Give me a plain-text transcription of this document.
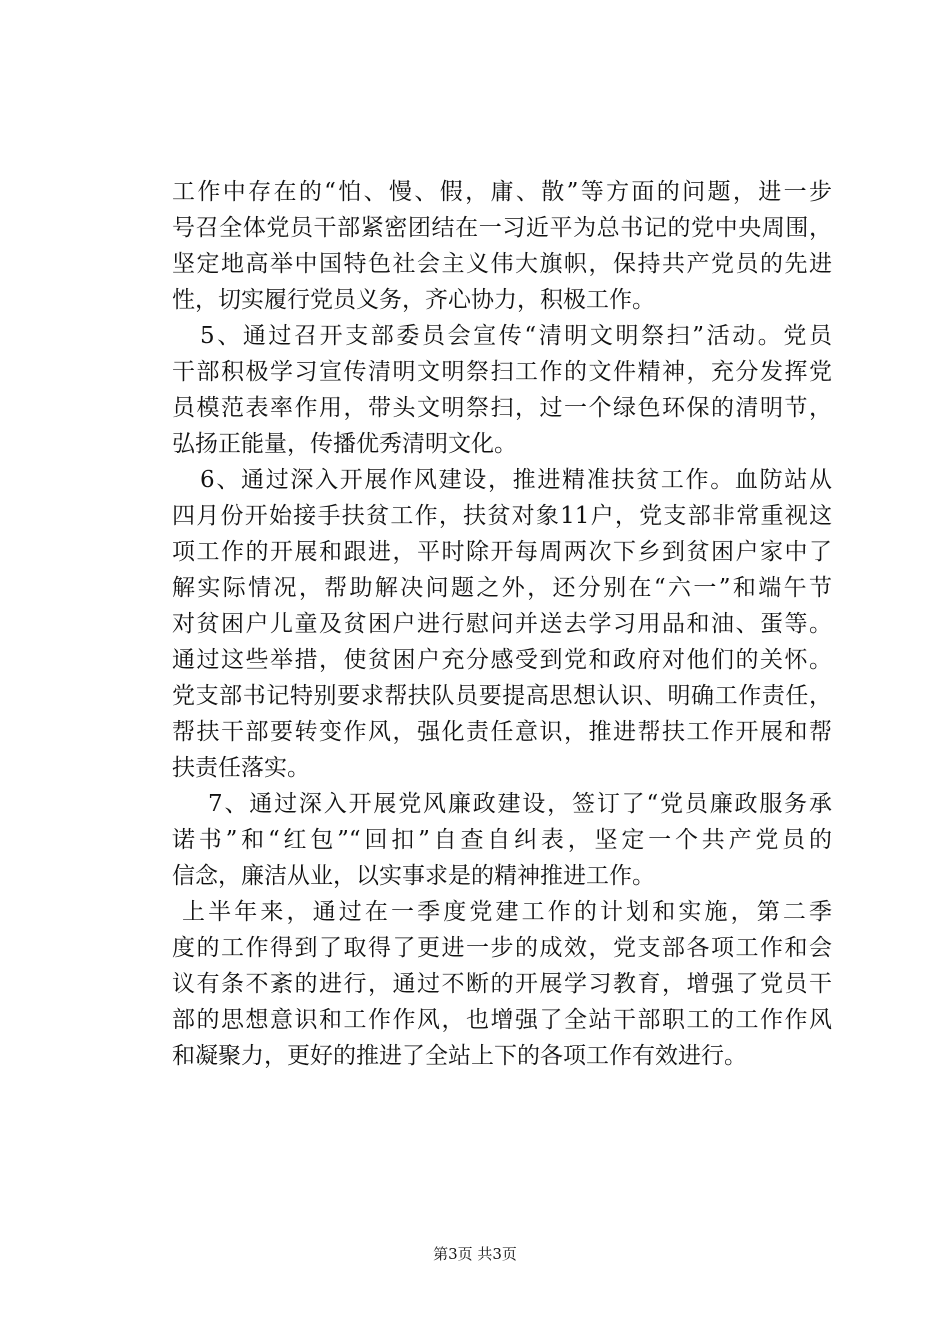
工作中存在的“怕、慢、假，庸、散”等方面的问题，进一步
号召全体党员干部紧密团结在一习近平为总书记的党中央周围，
坚定地高举中国特色社会主义伟大旗帜，保持共产党员的先进
性，切实履行党员义务，齐心协力，积极工作。
5、通过召开支部委员会宣传“清明文明祭扫”活动。党员
干部积极学习宣传清明文明祭扫工作的文件精神，充分发挥党
员模范表率作用，带头文明祭扫，过一个绿色环保的清明节，
弘扬正能量，传播优秀清明文化。
6、通过深入开展作风建设，推进精准扶贫工作。血防站从
四月份开始接手扶贫工作，扶贫对象11户，党支部非常重视这
项工作的开展和跟进，平时除开每周两次下乡到贫困户家中了
解实际情况，帮助解决问题之外，还分别在“六一”和端午节
对贫困户儿童及贫困户进行慰问并送去学习用品和油、蛋等。
通过这些举措，使贫困户充分感受到党和政府对他们的关怀。
党支部书记特别要求帮扶队员要提高思想认识、明确工作责任，
帮扶干部要转变作风，强化责任意识，推进帮扶工作开展和帮
扶责任落实。
7、通过深入开展党风廉政建设，签订了“党员廉政服务承
诺书”和“红包”“回扣”自查自纠表，坚定一个共产党员的
信念，廉洁从业，以实事求是的精神推进工作。
上半年来，通过在一季度党建工作的计划和实施，第二季
度的工作得到了取得了更进一步的成效，党支部各项工作和会
议有条不紊的进行，通过不断的开展学习教育，增强了党员干
部的思想意识和工作作风，也增强了全站干部职工的工作作风
和凝聚力，更好的推进了全站上下的各项工作有效进行。
第3页 共3页
